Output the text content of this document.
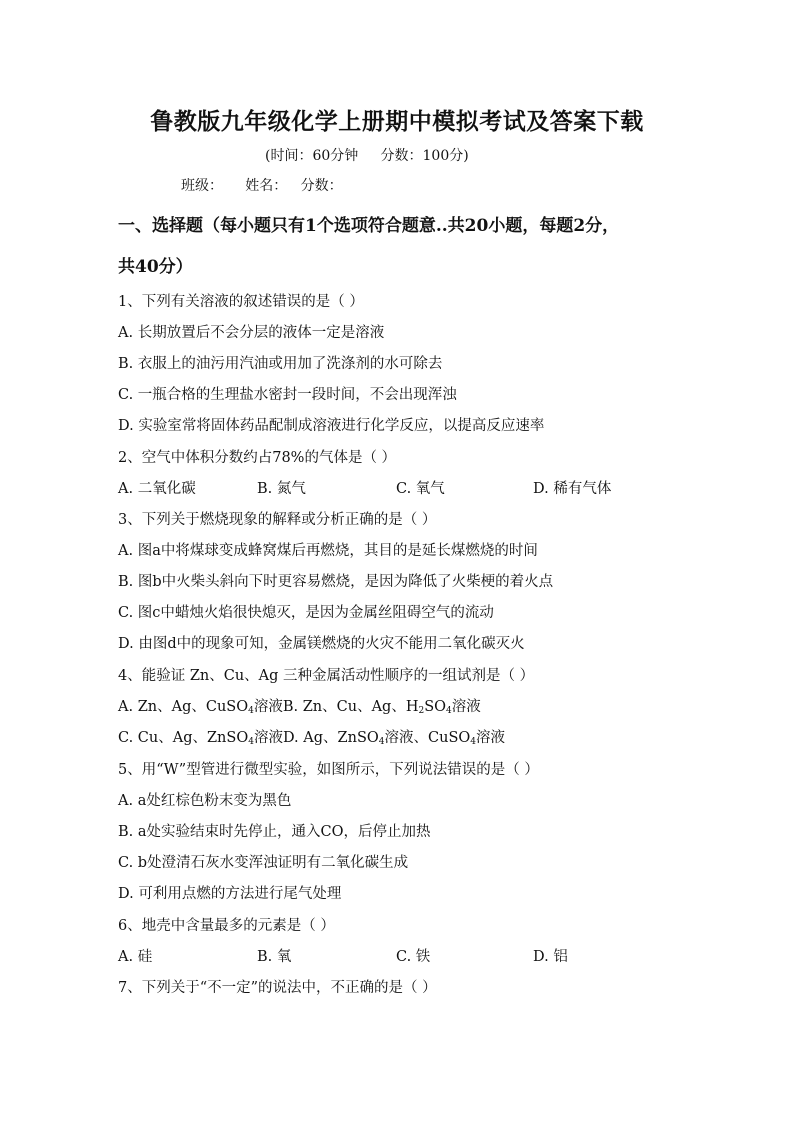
鲁教版九年级化学上册期中模拟考试及答案下载
(时间：60分钟     分数：100分)
班级：     姓名：   分数：
一、选择题（每小题只有1个选项符合题意..共20小题，每题2分，
共40分）
1、下列有关溶液的叙述错误的是（ ）
A. 长期放置后不会分层的液体一定是溶液
B. 衣服上的油污用汽油或用加了洗涤剂的水可除去
C. 一瓶合格的生理盐水密封一段时间，不会出现浑浊
D. 实验室常将固体药品配制成溶液进行化学反应，以提高反应速率
2、空气中体积分数约占78%的气体是（ ）
A. 二氧化碳	B. 氮气	C. 氧气	D. 稀有气体
3、下列关于燃烧现象的解释或分析正确的是（ ）
A. 图a中将煤球变成蜂窝煤后再燃烧，其目的是延长煤燃烧的时间
B. 图b中火柴头斜向下时更容易燃烧，是因为降低了火柴梗的着火点
C. 图c中蜡烛火焰很快熄灭，是因为金属丝阻碍空气的流动
D. 由图d中的现象可知，金属镁燃烧的火灾不能用二氧化碳灭火
4、能验证 Zn、Cu、Ag 三种金属活动性顺序的一组试剂是（ ）
A. Zn、Ag、CuSO$_4$溶液B. Zn、Cu、Ag、$H_2SO_4$溶液
C. Cu、Ag、ZnSO$_4$溶液D. Ag、ZnSO$_4$溶液、CuSO$_4$溶液
5、用“W”型管进行微型实验，如图所示，下列说法错误的是（ ）
A. a处红棕色粉末变为黑色
B. a处实验结束时先停止，通入CO，后停止加热
C. b处澄清石灰水变浑浊证明有二氧化碳生成
D. 可利用点燃的方法进行尾气处理
6、地壳中含量最多的元素是（ ）
A. 硅	B. 氧	C. 铁	D. 铝
7、下列关于“不一定”的说法中，不正确的是（ ）
